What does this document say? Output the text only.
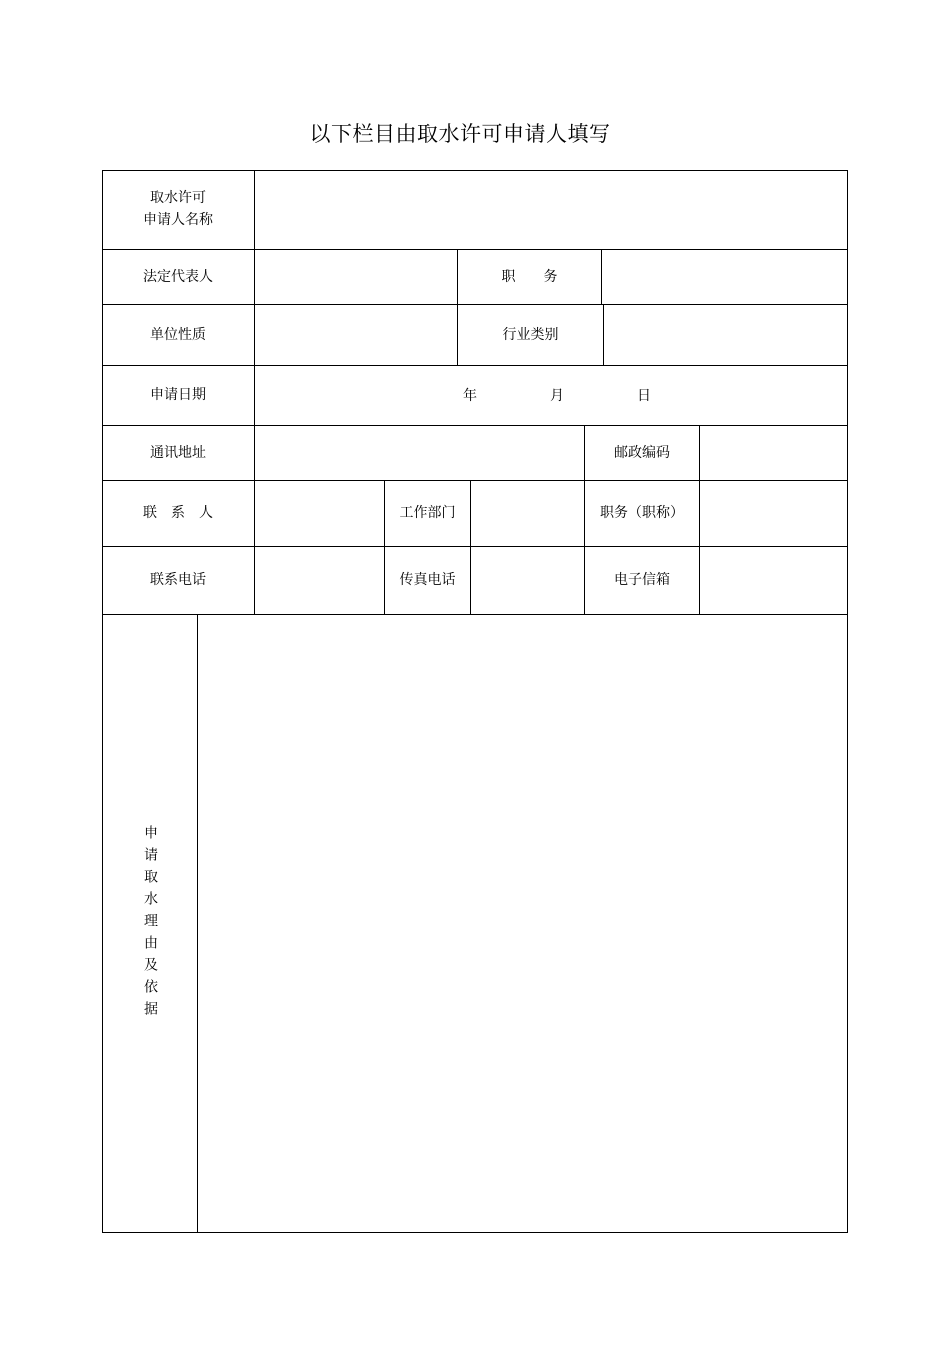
以下栏目由取水许可申请人填写
取水许可
申请人名称
法定代表人	职　　务
单位性质	行业类别
申请日期	年	月	日
通讯地址	邮政编码
联　系　人	工作部门	职务（职称）
联系电话	传真电话	电子信箱
申请取水理由及依据
